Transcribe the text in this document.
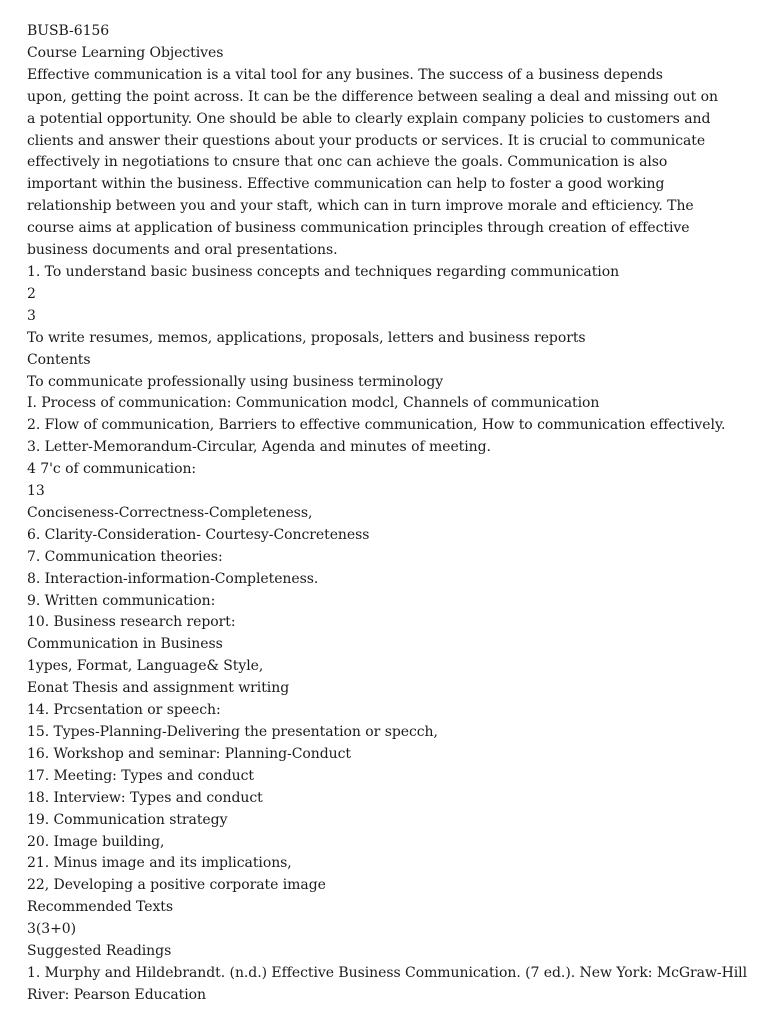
BUSB-6156
Course Learning Objectives
Effective communication is a vital tool for any busines. The success of a business depends
upon, getting the point across. It can be the difference between sealing a deal and missing out on
a potential opportunity. One should be able to clearly explain company policies to customers and
clients and answer their questions about your products or services. It is crucial to communicate
effectively in negotiations to cnsure that onc can achieve the goals. Communication is also
important within the business. Effective communication can help to foster a good working
relationship between you and your staft, which can in turn improve morale and efticiency. The
course aims at application of business communication principles through creation of effective
business documents and oral presentations.
1. To understand basic business concepts and techniques regarding communication
2
3
To write resumes, memos, applications, proposals, letters and business reports
Contents
To communicate professionally using business terminology
I. Process of communication: Communication modcl, Channels of communication
2. Flow of communication, Barriers to effective communication, How to communication effectively.
3. Letter-Memorandum-Circular, Agenda and minutes of meeting.
4 7'c of communication:
13
Conciseness-Correctness-Completeness,
6. Clarity-Consideration- Courtesy-Concreteness
7. Communication theories:
8. Interaction-information-Completeness.
9. Written communication:
10. Business research report:
Communication in Business
1ypes, Format, Language& Style,
Eonat Thesis and assignment writing
14. Prcsentation or speech:
15. Types-Planning-Delivering the presentation or specch,
16. Workshop and seminar: Planning-Conduct
17. Meeting: Types and conduct
18. Interview: Types and conduct
19. Communication strategy
20. Image building,
21. Minus image and its implications,
22, Developing a positive corporate image
Recommended Texts
3(3+0)
Suggested Readings
1. Murphy and Hildebrandt. (n.d.) Effective Business Communication. (7 ed.). New York: McGraw-Hill
River: Pearson Education
